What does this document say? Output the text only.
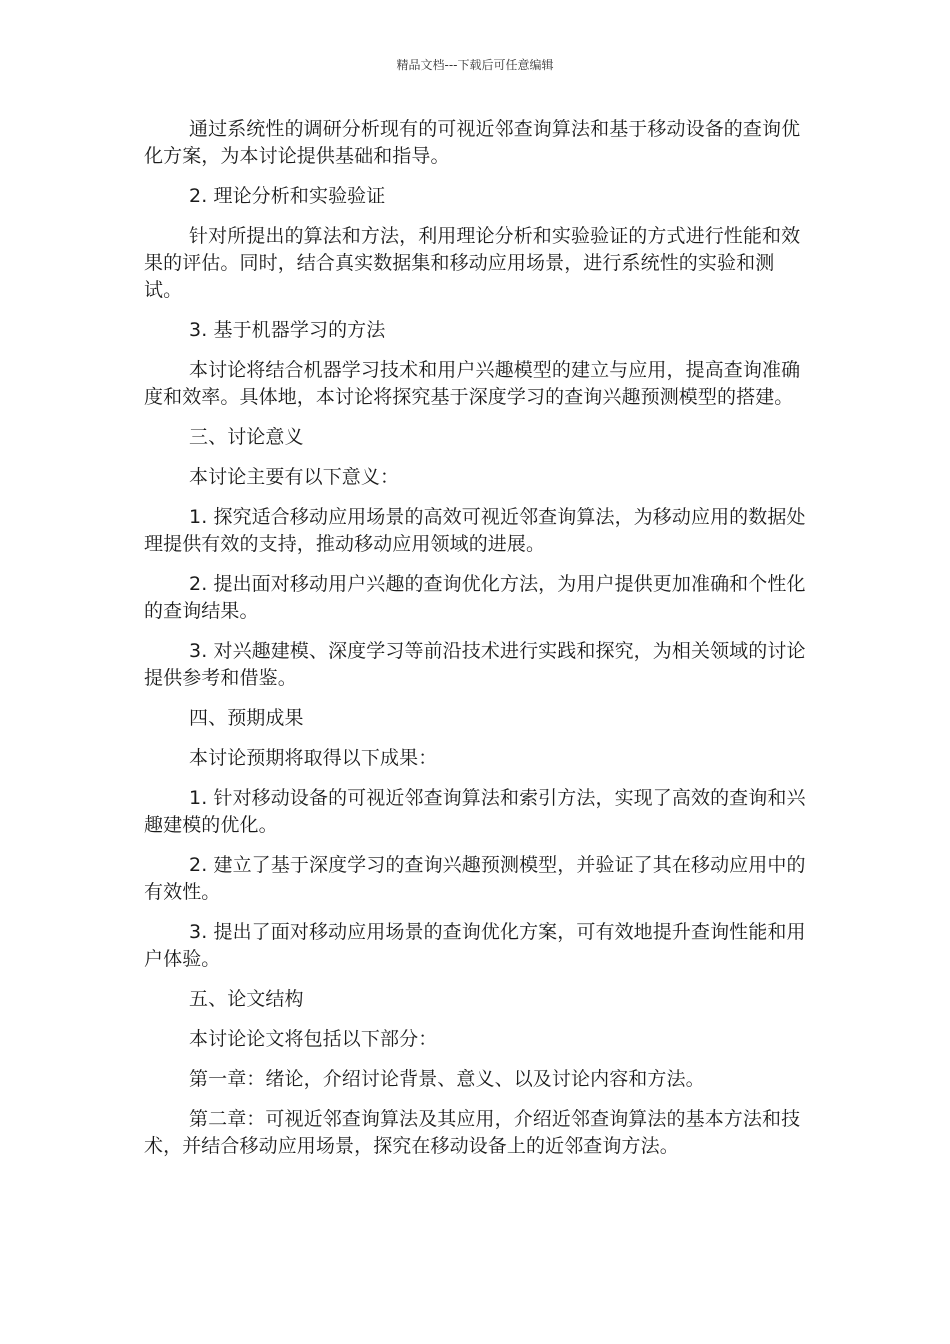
精品文档---下载后可任意编辑

通过系统性的调研分析现有的可视近邻查询算法和基于移动设备的查询优化方案，为本讨论提供基础和指导。

2. 理论分析和实验验证

针对所提出的算法和方法，利用理论分析和实验验证的方式进行性能和效果的评估。同时，结合真实数据集和移动应用场景，进行系统性的实验和测试。

3. 基于机器学习的方法

本讨论将结合机器学习技术和用户兴趣模型的建立与应用，提高查询准确度和效率。具体地，本讨论将探究基于深度学习的查询兴趣预测模型的搭建。

三、讨论意义

本讨论主要有以下意义：

1. 探究适合移动应用场景的高效可视近邻查询算法，为移动应用的数据处理提供有效的支持，推动移动应用领域的进展。

2. 提出面对移动用户兴趣的查询优化方法，为用户提供更加准确和个性化的查询结果。

3. 对兴趣建模、深度学习等前沿技术进行实践和探究，为相关领域的讨论提供参考和借鉴。

四、预期成果

本讨论预期将取得以下成果：

1. 针对移动设备的可视近邻查询算法和索引方法，实现了高效的查询和兴趣建模的优化。

2. 建立了基于深度学习的查询兴趣预测模型，并验证了其在移动应用中的有效性。

3. 提出了面对移动应用场景的查询优化方案，可有效地提升查询性能和用户体验。

五、论文结构

本讨论论文将包括以下部分：

第一章：绪论，介绍讨论背景、意义、以及讨论内容和方法。

第二章：可视近邻查询算法及其应用，介绍近邻查询算法的基本方法和技术，并结合移动应用场景，探究在移动设备上的近邻查询方法。
